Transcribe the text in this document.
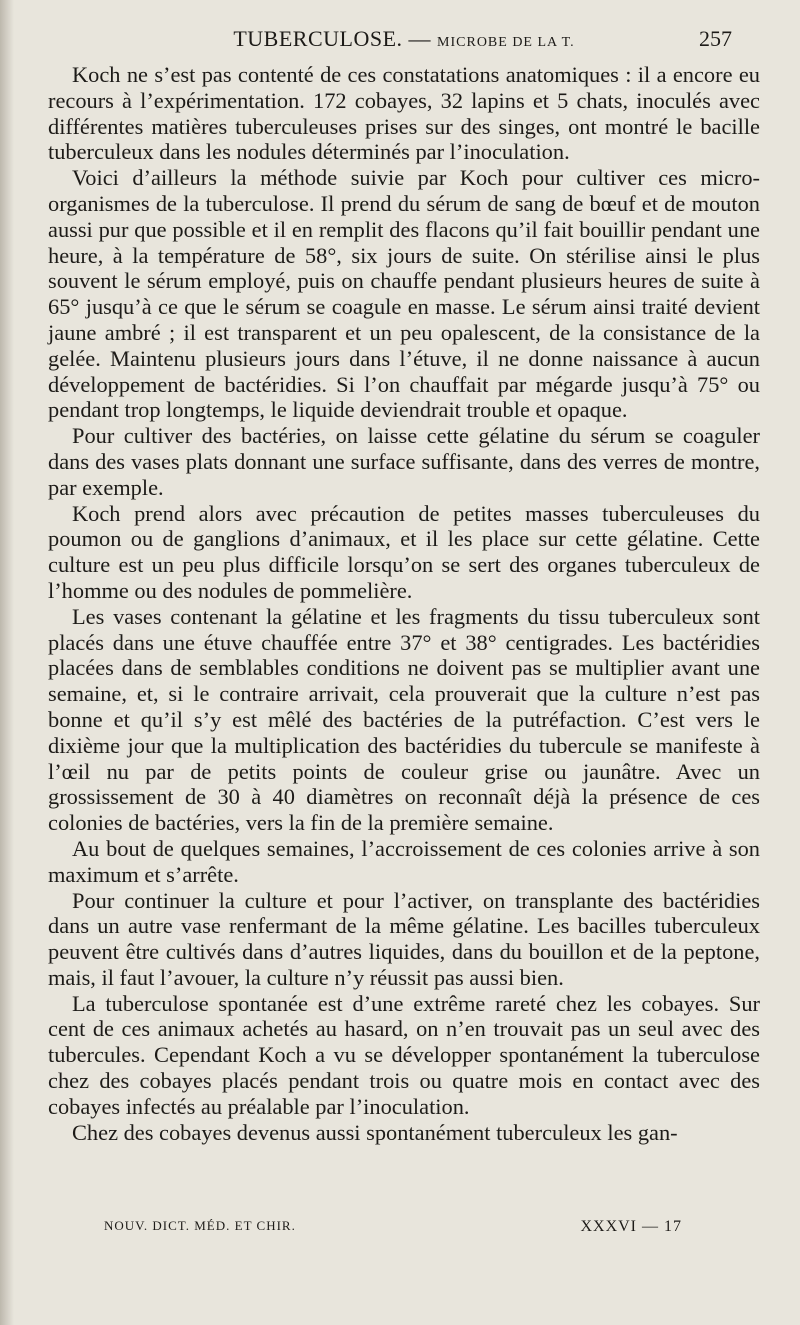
TUBERCULOSE. — MICROBE DE LA T.	257

Koch ne s’est pas contenté de ces constatations anatomiques : il a encore eu recours à l’expérimentation. 172 cobayes, 32 lapins et 5 chats, inoculés avec différentes matières tuberculeuses prises sur des singes, ont montré le bacille tuberculeux dans les nodules déterminés par l’inoculation.

Voici d’ailleurs la méthode suivie par Koch pour cultiver ces micro-organismes de la tuberculose. Il prend du sérum de sang de bœuf et de mouton aussi pur que possible et il en remplit des flacons qu’il fait bouillir pendant une heure, à la température de 58°, six jours de suite. On stérilise ainsi le plus souvent le sérum employé, puis on chauffe pendant plusieurs heures de suite à 65° jusqu’à ce que le sérum se coagule en masse. Le sérum ainsi traité devient jaune ambré ; il est transparent et un peu opalescent, de la consistance de la gelée. Maintenu plusieurs jours dans l’étuve, il ne donne naissance à aucun développement de bactéridies. Si l’on chauffait par mégarde jusqu’à 75° ou pendant trop longtemps, le liquide deviendrait trouble et opaque.

Pour cultiver des bactéries, on laisse cette gélatine du sérum se coaguler dans des vases plats donnant une surface suffisante, dans des verres de montre, par exemple.

Koch prend alors avec précaution de petites masses tuberculeuses du poumon ou de ganglions d’animaux, et il les place sur cette gélatine. Cette culture est un peu plus difficile lorsqu’on se sert des organes tuberculeux de l’homme ou des nodules de pommelière.

Les vases contenant la gélatine et les fragments du tissu tuberculeux sont placés dans une étuve chauffée entre 37° et 38° centigrades. Les bactéridies placées dans de semblables conditions ne doivent pas se multiplier avant une semaine, et, si le contraire arrivait, cela prouverait que la culture n’est pas bonne et qu’il s’y est mêlé des bactéries de la putréfaction. C’est vers le dixième jour que la multiplication des bactéridies du tubercule se manifeste à l’œil nu par de petits points de couleur grise ou jaunâtre. Avec un grossissement de 30 à 40 diamètres on reconnaît déjà la présence de ces colonies de bactéries, vers la fin de la première semaine.

Au bout de quelques semaines, l’accroissement de ces colonies arrive à son maximum et s’arrête.

Pour continuer la culture et pour l’activer, on transplante des bactéridies dans un autre vase renfermant de la même gélatine. Les bacilles tuberculeux peuvent être cultivés dans d’autres liquides, dans du bouillon et de la peptone, mais, il faut l’avouer, la culture n’y réussit pas aussi bien.

La tuberculose spontanée est d’une extrême rareté chez les cobayes. Sur cent de ces animaux achetés au hasard, on n’en trouvait pas un seul avec des tubercules. Cependant Koch a vu se développer spontanément la tuberculose chez des cobayes placés pendant trois ou quatre mois en contact avec des cobayes infectés au préalable par l’inoculation.

Chez des cobayes devenus aussi spontanément tuberculeux les gan-

NOUV. DICT. MÉD. ET CHIR.	XXXVI — 17
